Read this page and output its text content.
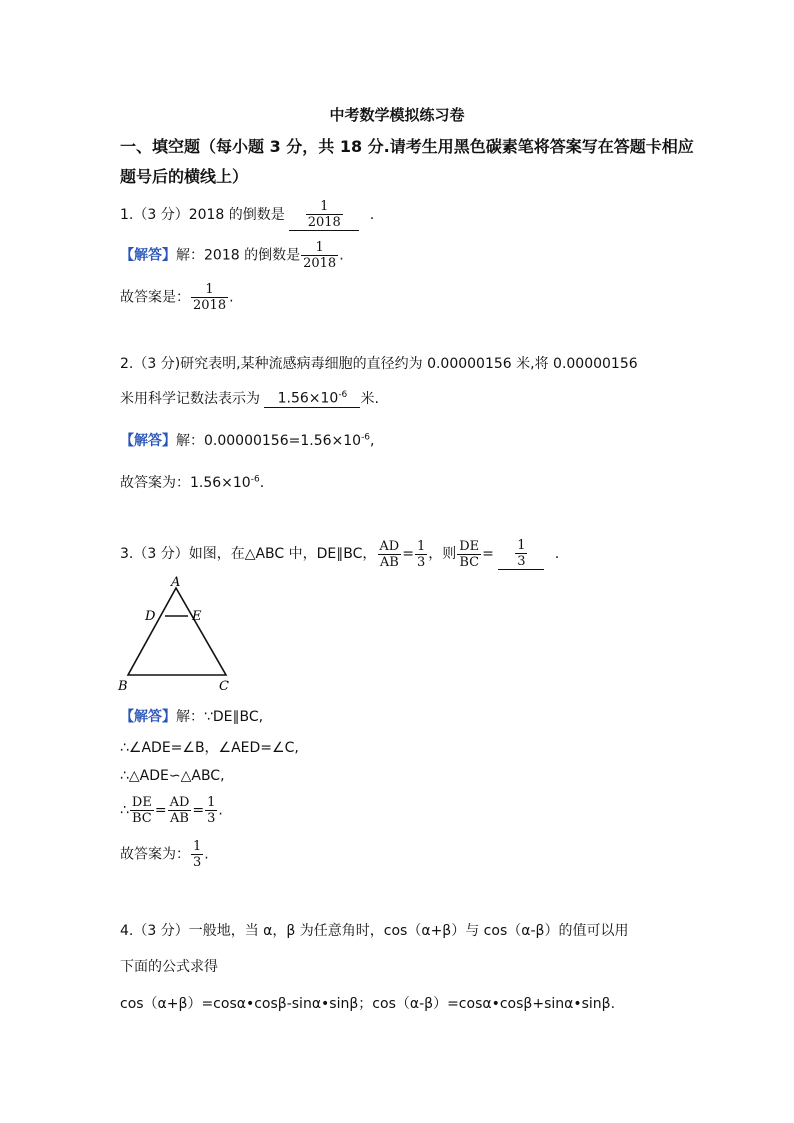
中考数学模拟练习卷
一、填空题（每小题 3 分，共 18 分.请考生用黑色碳素笔将答案写在答题卡相应
题号后的横线上）
1.（3 分）2018 的倒数是 $\frac{1}{2018}$ .
【解答】解：2018 的倒数是 $\frac{1}{2018}$ .
故答案是： $\frac{1}{2018}$ .
2.（3 分)研究表明,某种流感病毒细胞的直径约为 0.00000156 米,将 0.00000156
米用科学记数法表示为 $1.56\times 10^{-6}$ 米.
【解答】解：$0.00000156=1.56\times 10^{-6}$,
故答案为：$1.56\times 10^{-6}$.
3.（3 分）如图，在△ABC 中，DE∥BC， $\frac{AD}{AB} = \frac{1}{3}$ ，则 $\frac{DE}{BC} = \frac{1}{3}$ .
A
D	E
B	C
【解答】解：∵DE∥BC,
∴∠ADE=∠B，∠AED=∠C,
∴△ADE∽△ABC,
∴ $\frac{DE}{BC} = \frac{AD}{AB} = \frac{1}{3}$ .
故答案为： $\frac{1}{3}$ .
4.（3 分）一般地，当 α，β 为任意角时，cos（α+β）与 cos（α-β）的值可以用
下面的公式求得
cos（α+β）=cosα•cosβ-sinα•sinβ；cos（α-β）=cosα•cosβ+sinα•sinβ.
